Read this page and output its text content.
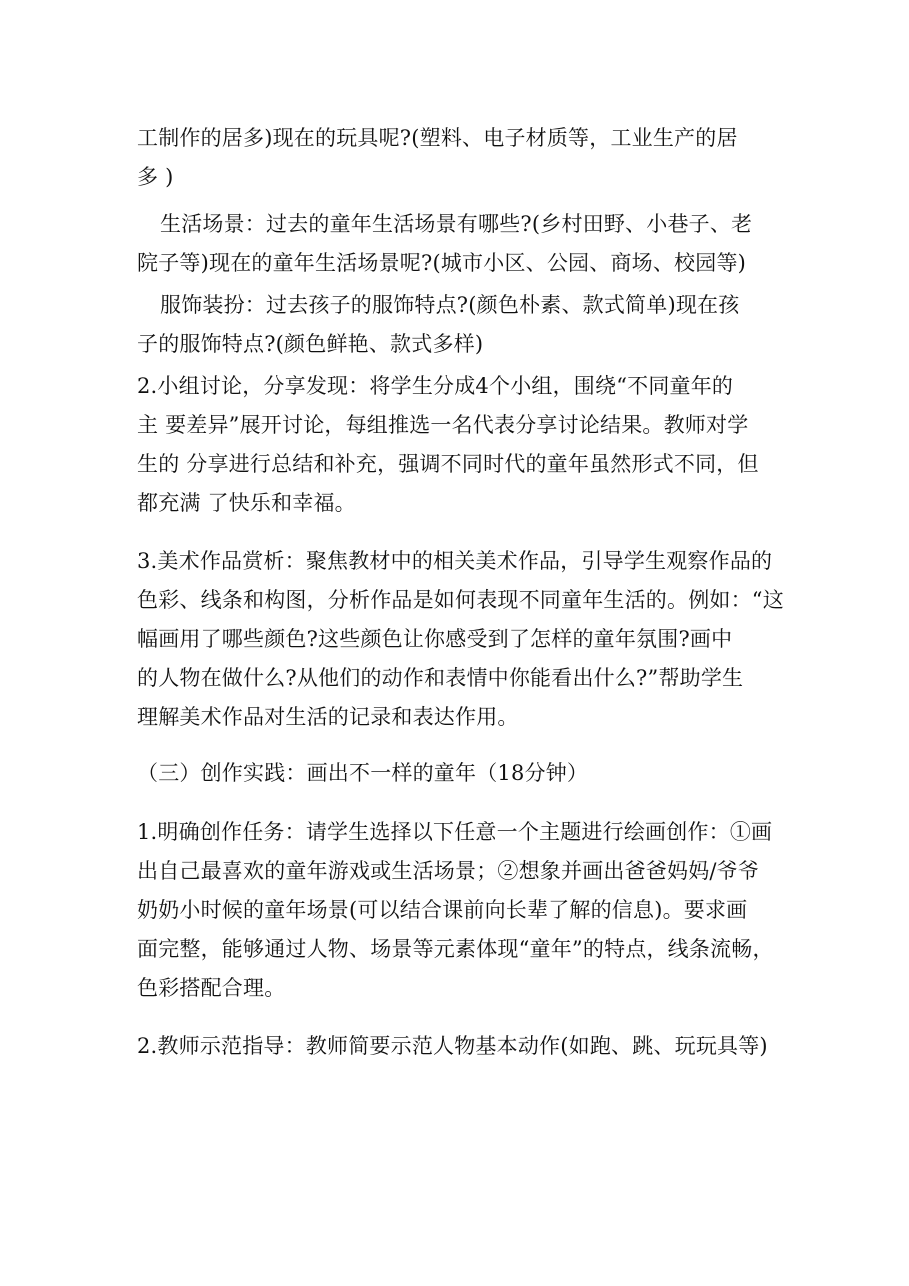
工制作的居多)现在的玩具呢?(塑料、电子材质等，工业生产的居
多 )
生活场景：过去的童年生活场景有哪些?(乡村田野、小巷子、老
院子等)现在的童年生活场景呢?(城市小区、公园、商场、校园等)
服饰装扮：过去孩子的服饰特点?(颜色朴素、款式简单)现在孩
子的服饰特点?(颜色鲜艳、款式多样)
2.小组讨论，分享发现：将学生分成4个小组，围绕“不同童年的
主 要差异”展开讨论，每组推选一名代表分享讨论结果。教师对学
生的 分享进行总结和补充，强调不同时代的童年虽然形式不同，但
都充满 了快乐和幸福。
3.美术作品赏析：聚焦教材中的相关美术作品，引导学生观察作品的
色彩、线条和构图，分析作品是如何表现不同童年生活的。例如：“这
幅画用了哪些颜色?这些颜色让你感受到了怎样的童年氛围?画中
的人物在做什么?从他们的动作和表情中你能看出什么?”帮助学生
理解美术作品对生活的记录和表达作用。
（三）创作实践：画出不一样的童年（18分钟）
1.明确创作任务：请学生选择以下任意一个主题进行绘画创作：①画
出自己最喜欢的童年游戏或生活场景；②想象并画出爸爸妈妈/爷爷
奶奶小时候的童年场景(可以结合课前向长辈了解的信息)。要求画
面完整，能够通过人物、场景等元素体现“童年”的特点，线条流畅，
色彩搭配合理。
2.教师示范指导：教师简要示范人物基本动作(如跑、跳、玩玩具等)
